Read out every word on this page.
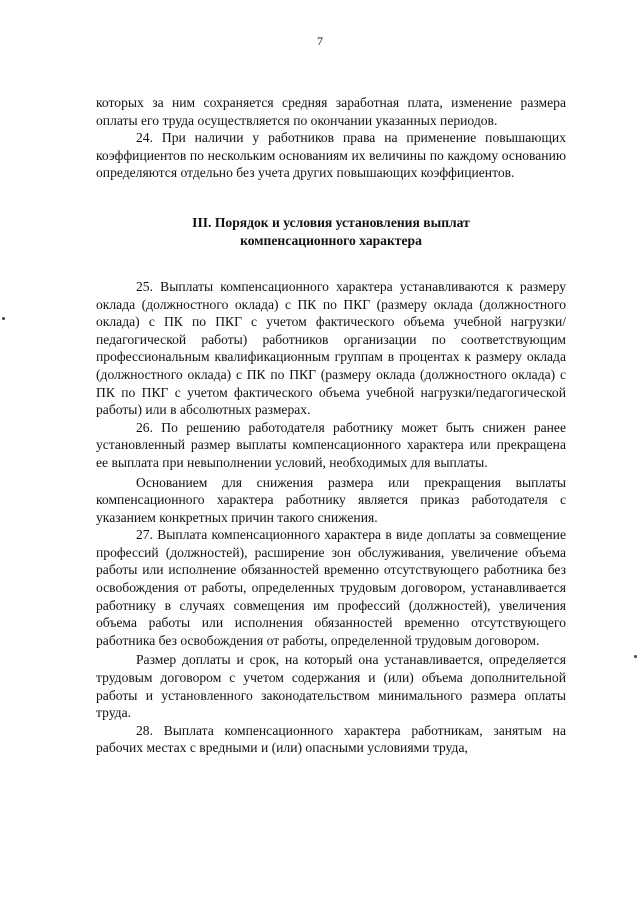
7

которых за ним сохраняется средняя заработная плата, изменение размера оплаты его труда осуществляется по окончании указанных периодов.

24. При наличии у работников права на применение повышающих коэффициентов по нескольким основаниям их величины по каждому основанию определяются отдельно без учета других повышающих коэффициентов.

III. Порядок и условия установления выплат
компенсационного характера

25. Выплаты компенсационного характера устанавливаются к размеру оклада (должностного оклада) с ПК по ПКГ (размеру оклада (должностного оклада) с ПК по ПКГ с учетом фактического объема учебной нагрузки/педагогической работы) работников организации по соответствующим профессиональным квалификационным группам в процентах к размеру оклада (должностного оклада) с ПК по ПКГ (размеру оклада (должностного оклада) с ПК по ПКГ с учетом фактического объема учебной нагрузки/педагогической работы) или в абсолютных размерах.

26. По решению работодателя работнику может быть снижен ранее установленный размер выплаты компенсационного характера или прекращена ее выплата при невыполнении условий, необходимых для выплаты.

Основанием для снижения размера или прекращения выплаты компенсационного характера работнику является приказ работодателя с указанием конкретных причин такого снижения.

27. Выплата компенсационного характера в виде доплаты за совмещение профессий (должностей), расширение зон обслуживания, увеличение объема работы или исполнение обязанностей временно отсутствующего работника без освобождения от работы, определенных трудовым договором, устанавливается работнику в случаях совмещения им профессий (должностей), увеличения объема работы или исполнения обязанностей временно отсутствующего работника без освобождения от работы, определенной трудовым договором.

Размер доплаты и срок, на который она устанавливается, определяется трудовым договором с учетом содержания и (или) объема дополнительной работы и установленного законодательством минимального размера оплаты труда.

28. Выплата компенсационного характера работникам, занятым на рабочих местах с вредными и (или) опасными условиями труда,
